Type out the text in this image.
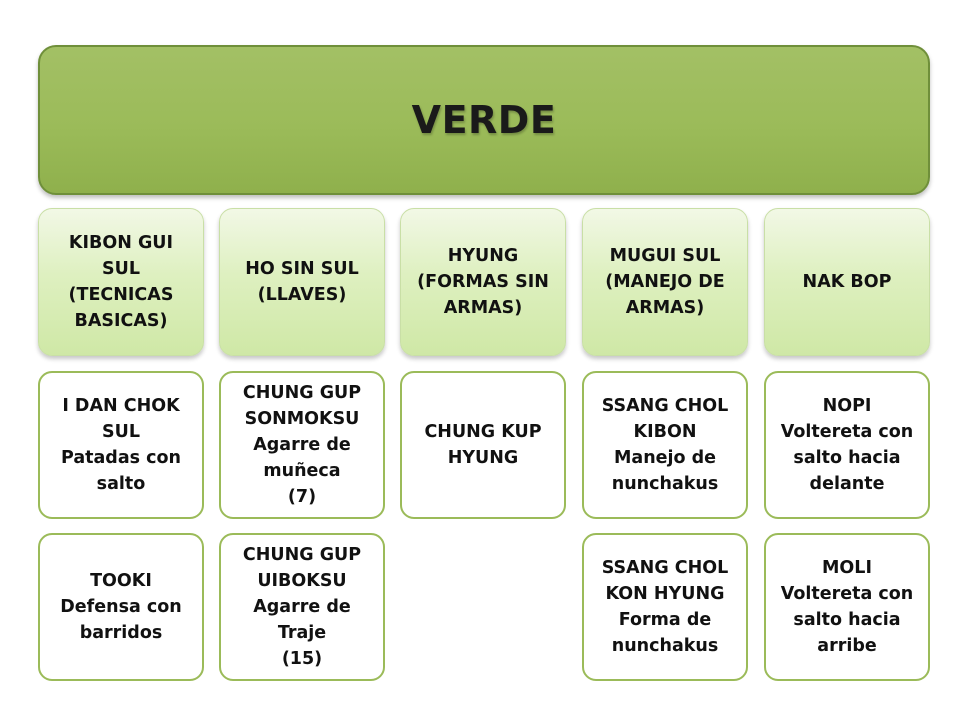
VERDE
KIBON GUI
SUL
(TECNICAS
BASICAS)
I DAN CHOK
SUL
Patadas con
salto
TOOKI
Defensa con
barridos
HO SIN SUL
(LLAVES)
CHUNG GUP
SONMOKSU
Agarre de
muñeca
(7)
CHUNG GUP
UIBOKSU
Agarre de
Traje
(15)
HYUNG
(FORMAS SIN
ARMAS)
CHUNG KUP
HYUNG
MUGUI SUL
(MANEJO DE
ARMAS)
SSANG CHOL
KIBON
Manejo de
nunchakus
SSANG CHOL
KON HYUNG
Forma de
nunchakus
NAK BOP
NOPI
Voltereta con
salto hacia
delante
MOLI
Voltereta con
salto hacia
arribe
